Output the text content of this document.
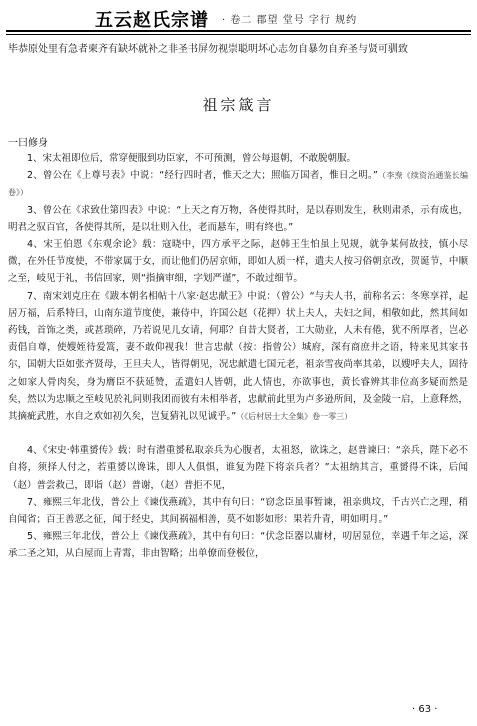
五云赵氏宗谱 · 卷二 郡望 堂号 字行 规约
毕恭原处里有急者柬齐有缺坏就补之非圣书屏勿视崇聪明坏心志勿自暴勿自弃圣与贤可驯致
祖宗箴言
一曰修身

1、宋太祖即位后，常穿便服到功臣家，不可预测，曾公每退朝，不敢脱朝服。

2、曾公在《上尊号表》中说：“经行四时者，惟天之大；照临万国者，惟日之明。”（李焘《续资治通鉴长编卷》）

3、曾公在《求致仕第四表》中说：“上天之育万物，各使得其时，是以春则发生，秋则肃杀，示有成也，明君之驭百官，各使得其所，是以壮则入仕，老而悬车，明有终也。”

4、宋王伯恩《东观余论》载：寇晓中，四方承平之际，赵韩王生怕虽上见规，就争某何故技，慎小尽微，在外任节度使，不带家属于女，而让他们仍居京师，即如人质一样，遣夫人按习俗朝京改，贺诞节，中顺之至，岐见于礼，书信回家，则“指摘审细，字划严谨”，不敢过细节。

7、南宋刘克庄在《跋本朝名相帖十八家·赵忠献王》中说：（曾公）“与夫人书，前称名云：冬寒享祥，起居万福，后系特曰，山南东道节度使，兼侍中，许国公赵（花押）状上夫人，夫妇之间，相敬如此，然其间如药钱，首饰之类，或甚琐碎，乃若说见儿女请，何耶？自昔大贤者，工大勋业，人未有倦，犹不所厚者，岂必责倡自尊，使嫂姪待爱篙，妻不敢仰视我！世言忠献（按：指曾公）城府，深有商庶井之语，特来见其家书尔，国朝大臣如张齐贤母，王旦夫人，皆得朝见，况忠献遣七国元老，祖亲雪夜尚率其弟，以嫂呼夫人，固待之如家人骨肉矣，身为膺臣不获延赞，孟遣妇人皆朝，此人情也，亦欲事也，黄长睿辨其非位高多疑而然是矣，然以为忠顺之至岐见於礼问则我团而彼有未相举者，忠献前此里为卢多逊所间，及金陵一启，上意释然，其摘疵武胜，水自之欢如初久矣，岂复猜礼以见诚乎。”（《后村居士大全集》卷一零三）

4、《宋史·韩重赟传》载：时有潜重赟私取亲兵为心腹者，太祖怒，欲诛之，赵普谏曰：“亲兵，陛下必不自将，须择人付之，若重赟以谗诛，即人人俱惧，谁复为陛下将亲兵者？”太祖纳其言，重赟得不诛，后闻（赵）普尝救己，即诣（赵）普谢，（赵）普拒不见，

7、雍熙三年北伐，普公上《谏伐燕疏》，其中有句曰：“窃念臣虽事暂谏，祖亲典坟，千古兴亡之理，稍自闻省；百王善恶之征，闻于经史，其间祸福相善，莫不如影如形：果若升青，明如明月。”

5、雍熙三年北伐，普公上《谏伐燕疏》，其中有句曰：“伏念臣器以庸材，叨居显位，幸遇千年之运，深承二圣之知，从白屋而上青霄，非由智略；出单僚而登极位，

· 63 ·
